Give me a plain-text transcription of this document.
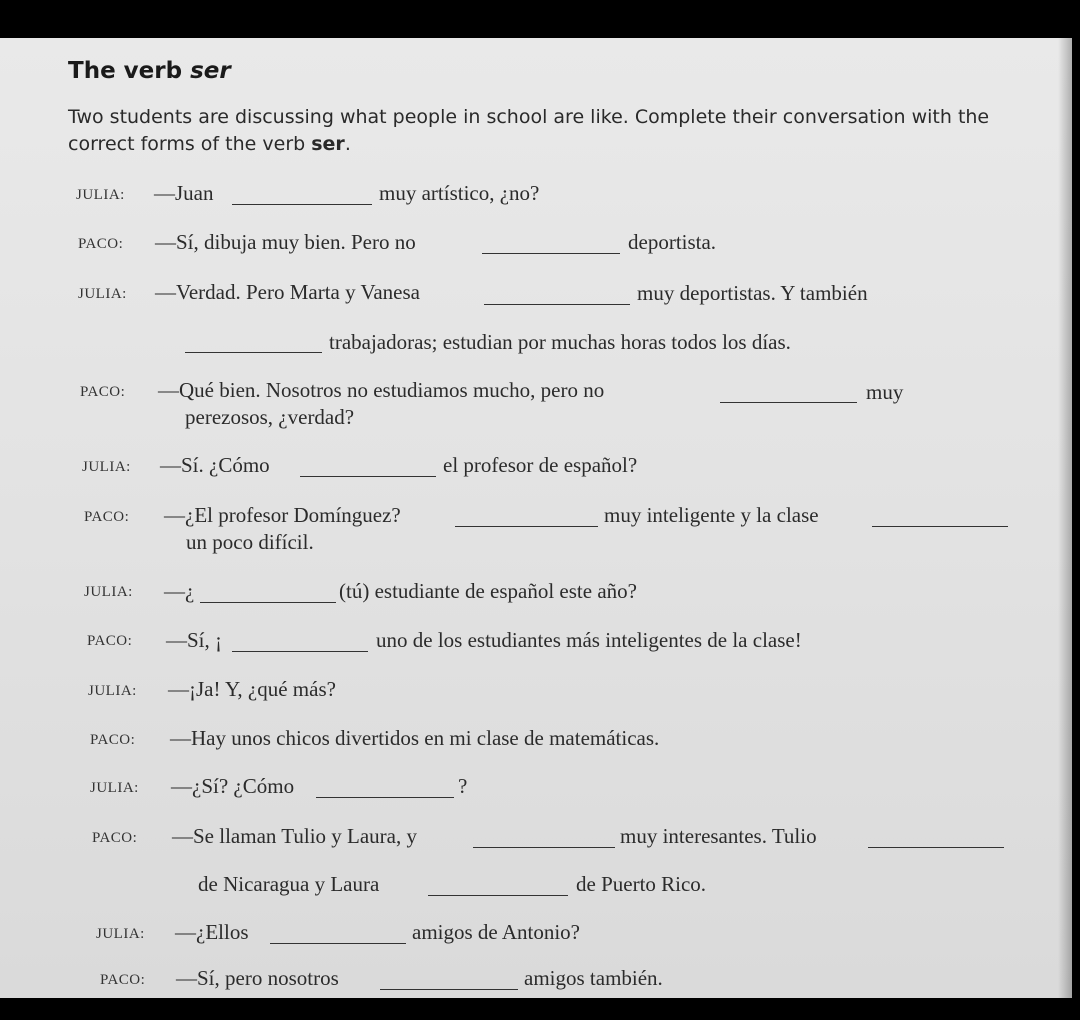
The verb ser

Two students are discussing what people in school are like. Complete their conversation with the correct forms of the verb ser.

JULIA: —Juan	muy artístico, ¿no?
PACO: —Sí, dibuja muy bien. Pero no	deportista.
JULIA: —Verdad. Pero Marta y Vanesa	muy deportistas. Y también
trabajadoras; estudian por muchas horas todos los días.
PACO: —Qué bien. Nosotros no estudiamos mucho, pero no	muy
perezosos, ¿verdad?
JULIA: —Sí. ¿Cómo	el profesor de español?
PACO: —¿El profesor Domínguez?	muy inteligente y la clase
un poco difícil.
JULIA: —¿	(tú) estudiante de español este año?
PACO: —Sí, ¡	uno de los estudiantes más inteligentes de la clase!
JULIA: —¡Ja! Y, ¿qué más?
PACO: —Hay unos chicos divertidos en mi clase de matemáticas.
JULIA: —¿Sí? ¿Cómo	?
PACO: —Se llaman Tulio y Laura, y	muy interesantes. Tulio
de Nicaragua y Laura	de Puerto Rico.
JULIA: —¿Ellos	amigos de Antonio?
PACO: —Sí, pero nosotros	amigos también.
